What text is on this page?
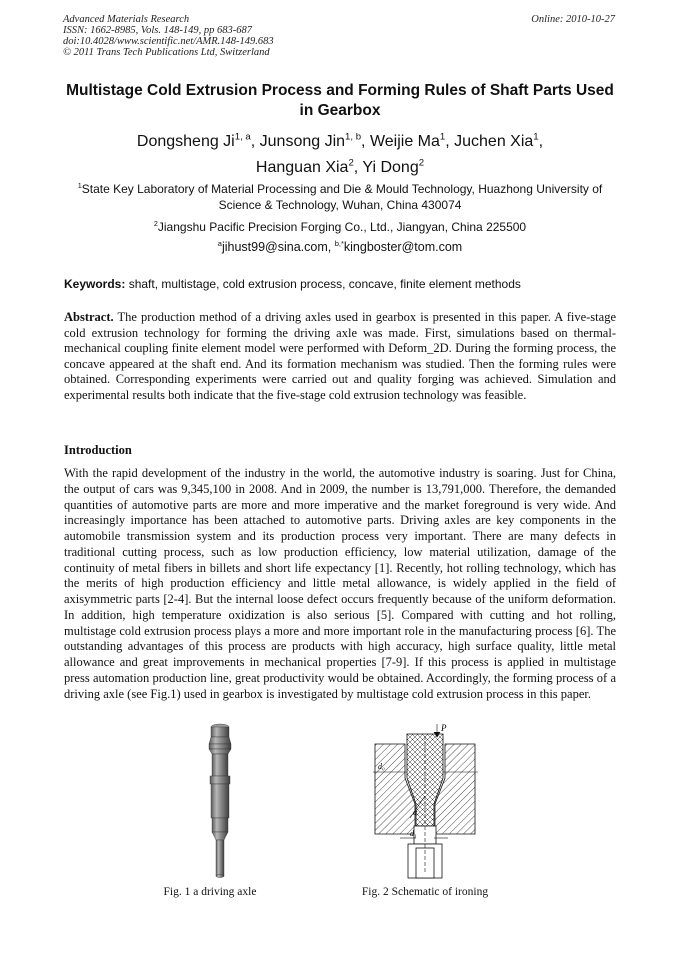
Advanced Materials Research
ISSN: 1662-8985, Vols. 148-149, pp 683-687
doi:10.4028/www.scientific.net/AMR.148-149.683
© 2011 Trans Tech Publications Ltd, Switzerland
Online: 2010-10-27
Multistage Cold Extrusion Process and Forming Rules of Shaft Parts Used in Gearbox
Dongsheng Ji$^{1, a}$, Junsong Jin$^{1, b}$, Weijie Ma$^1$, Juchen Xia$^1$,
Hanguan Xia$^2$, Yi Dong$^2$
$^1$State Key Laboratory of Material Processing and Die & Mould Technology, Huazhong University of Science & Technology, Wuhan, China 430074
$^2$Jiangshu Pacific Precision Forging Co., Ltd., Jiangyan, China 225500
$^a$jihust99@sina.com, $^{b,*}$kingboster@tom.com
Keywords: shaft, multistage, cold extrusion process, concave, finite element methods
Abstract. The production method of a driving axles used in gearbox is presented in this paper. A five-stage cold extrusion technology for forming the driving axle was made. First, simulations based on thermal-mechanical coupling finite element model were performed with Deform_2D. During the forming process, the concave appeared at the shaft end. And its formation mechanism was studied. Then the forming rules were obtained. Corresponding experiments were carried out and quality forging was achieved. Simulation and experimental results both indicate that the five-stage cold extrusion technology was feasible.
Introduction
With the rapid development of the industry in the world, the automotive industry is soaring. Just for China, the output of cars was 9,345,100 in 2008. And in 2009, the number is 13,791,000. Therefore, the demanded quantities of automotive parts are more and more imperative and the market foreground is very wide. And increasingly importance has been attached to automotive parts. Driving axles are key components in the automobile transmission system and its production process very important. There are many defects in traditional cutting process, such as low production efficiency, low material utilization, damage of the continuity of metal fibers in billets and short life expectancy [1]. Recently, hot rolling technology, which has the merits of high production efficiency and little metal allowance, is widely applied in the field of axisymmetric parts [2-4]. But the internal loose defect occurs frequently because of the uniform deformation. In addition, high temperature oxidization is also serious [5]. Compared with cutting and hot rolling, multistage cold extrusion process plays a more and more important role in the manufacturing process [6]. The outstanding advantages of this process are products with high accuracy, high surface quality, little metal allowance and great improvements in mechanical properties [7-9]. If this process is applied in multistage press automation production line, great productivity would be obtained. Accordingly, the forming process of a driving axle (see Fig.1) used in gearbox is investigated by multistage cold extrusion process in this paper.
P
d₀
α
d₁
Fig. 1 a driving axle	Fig. 2 Schematic of ironing
